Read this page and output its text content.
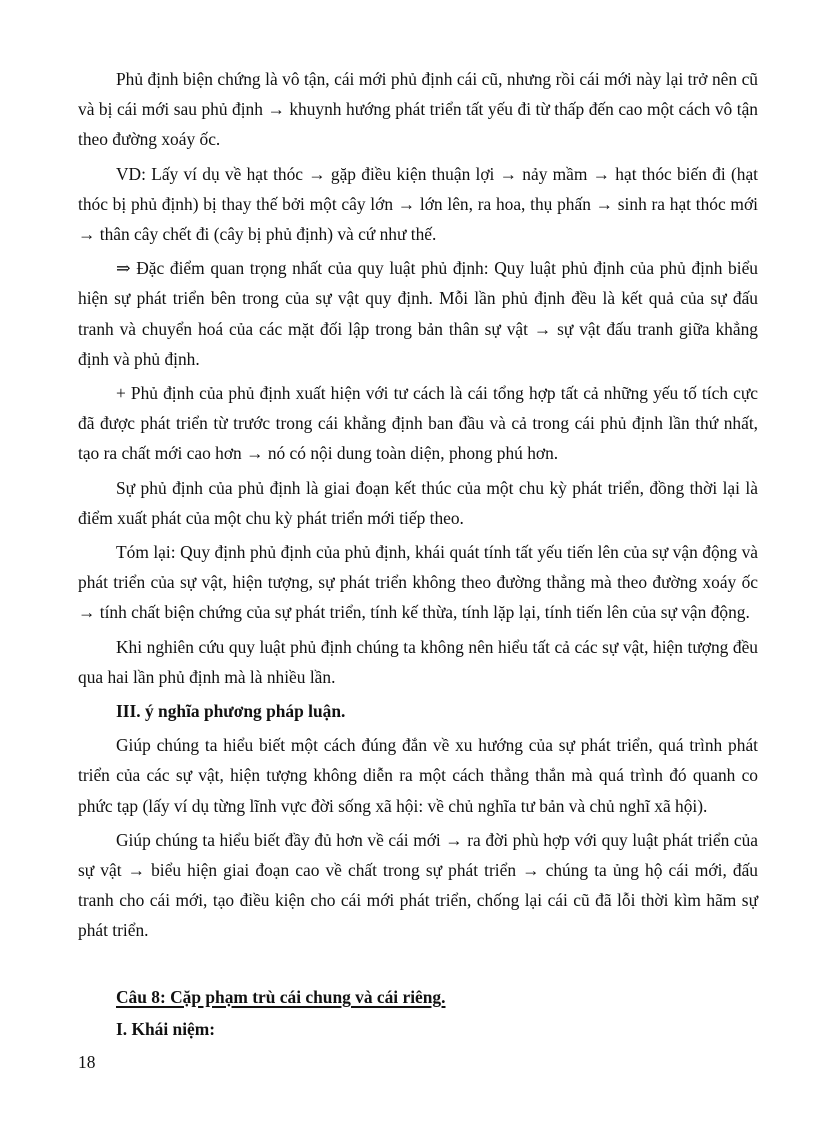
Phủ định biện chứng là vô tận, cái mới phủ định cái cũ, nhưng rồi cái mới này lại trở nên cũ và bị cái mới sau phủ định → khuynh hướng phát triển tất yếu đi từ thấp đến cao một cách vô tận theo đường xoáy ốc.

VD: Lấy ví dụ về hạt thóc → gặp điều kiện thuận lợi → nảy mầm → hạt thóc biến đi (hạt thóc bị phủ định) bị thay thế bởi một cây lớn → lớn lên, ra hoa, thụ phấn → sinh ra hạt thóc mới → thân cây chết đi (cây bị phủ định) và cứ như thế.

⇒ Đặc điểm quan trọng nhất của quy luật phủ định: Quy luật phủ định của phủ định biểu hiện sự phát triển bên trong của sự vật quy định. Mỗi lần phủ định đều là kết quả của sự đấu tranh và chuyển hoá của các mặt đối lập trong bản thân sự vật → sự vật đấu tranh giữa khẳng định và phủ định.

+ Phủ định của phủ định xuất hiện với tư cách là cái tổng hợp tất cả những yếu tố tích cực đã được phát triển từ trước trong cái khẳng định ban đầu và cả trong cái phủ định lần thứ nhất, tạo ra chất mới cao hơn → nó có nội dung toàn diện, phong phú hơn.

Sự phủ định của phủ định là giai đoạn kết thúc của một chu kỳ phát triển, đồng thời lại là điểm xuất phát của một chu kỳ phát triển mới tiếp theo.

Tóm lại: Quy định phủ định của phủ định, khái quát tính tất yếu tiến lên của sự vận động và phát triển của sự vật, hiện tượng, sự phát triển không theo đường thẳng mà theo đường xoáy ốc → tính chất biện chứng của sự phát triển, tính kế thừa, tính lặp lại, tính tiến lên của sự vận động.

Khi nghiên cứu quy luật phủ định chúng ta không nên hiểu tất cả các sự vật, hiện tượng đều qua hai lần phủ định mà là nhiều lần.

III. ý nghĩa phương pháp luận.

Giúp chúng ta hiểu biết một cách đúng đắn về xu hướng của sự phát triển, quá trình phát triển của các sự vật, hiện tượng không diễn ra một cách thẳng thắn mà quá trình đó quanh co phức tạp (lấy ví dụ từng lĩnh vực đời sống xã hội: về chủ nghĩa tư bản và chủ nghĩ xã hội).

Giúp chúng ta hiểu biết đầy đủ hơn về cái mới → ra đời phù hợp với quy luật phát triển của sự vật → biểu hiện giai đoạn cao về chất trong sự phát triển → chúng ta ủng hộ cái mới, đấu tranh cho cái mới, tạo điều kiện cho cái mới phát triển, chống lại cái cũ đã lỗi thời kìm hãm sự phát triển.

Câu 8: Cặp phạm trù cái chung và cái riêng.

I. Khái niệm:

18
